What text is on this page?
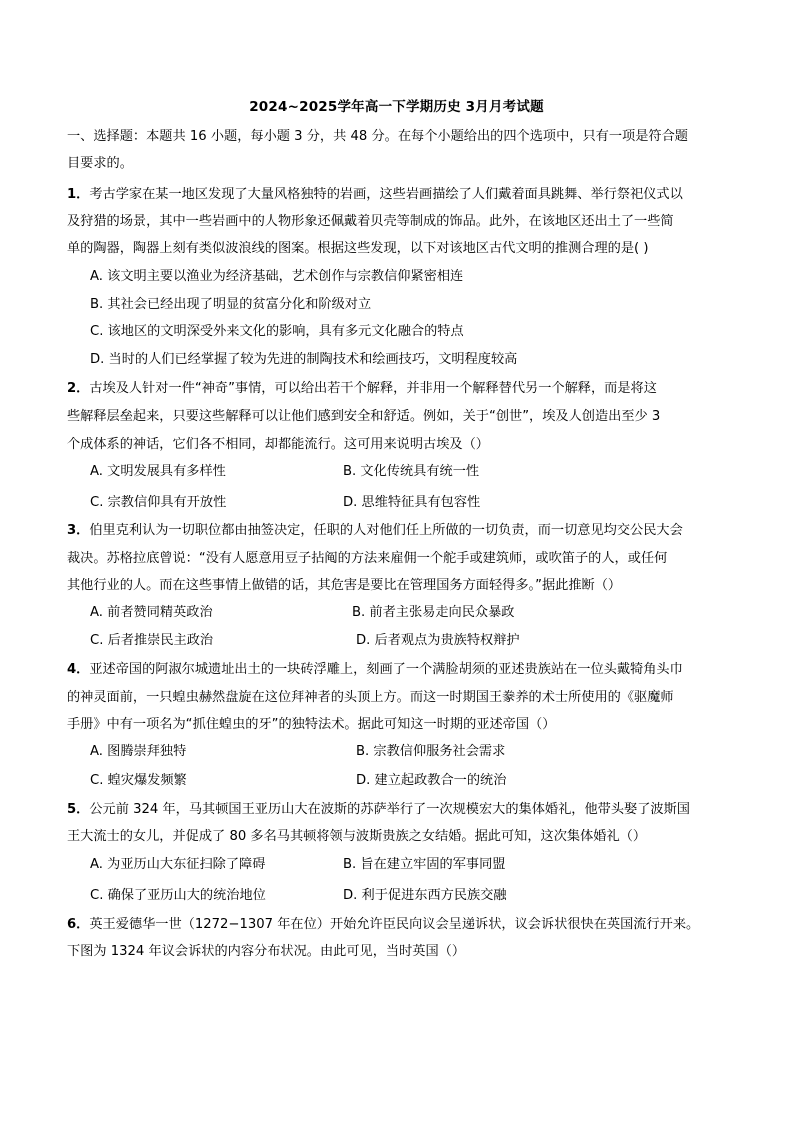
2024~2025学年高一下学期历史 3月月考试题
一、选择题：本题共 16 小题，每小题 3 分，共 48 分。在每个小题给出的四个选项中，只有一项是符合题
目要求的。
1．考古学家在某一地区发现了大量风格独特的岩画，这些岩画描绘了人们戴着面具跳舞、举行祭祀仪式以
及狩猎的场景，其中一些岩画中的人物形象还佩戴着贝壳等制成的饰品。此外，在该地区还出土了一些简
单的陶器，陶器上刻有类似波浪线的图案。根据这些发现，以下对该地区古代文明的推测合理的是( )
A. 该文明主要以渔业为经济基础，艺术创作与宗教信仰紧密相连
B. 其社会已经出现了明显的贫富分化和阶级对立
C. 该地区的文明深受外来文化的影响，具有多元文化融合的特点
D. 当时的人们已经掌握了较为先进的制陶技术和绘画技巧，文明程度较高
2．古埃及人针对一件“神奇”事情，可以给出若干个解释，并非用一个解释替代另一个解释，而是将这
些解释层垒起来，只要这些解释可以让他们感到安全和舒适。例如，关于“创世”，埃及人创造出至少 3
个成体系的神话，它们各不相同，却都能流行。这可用来说明古埃及（）
A. 文明发展具有多样性	B. 文化传统具有统一性
C. 宗教信仰具有开放性	D. 思维特征具有包容性
3．伯里克利认为一切职位都由抽签决定，任职的人对他们任上所做的一切负责，而一切意见均交公民大会
裁决。苏格拉底曾说：“没有人愿意用豆子拈阄的方法来雇佣一个舵手或建筑师，或吹笛子的人，或任何
其他行业的人。而在这些事情上做错的话，其危害是要比在管理国务方面轻得多。”据此推断（）
A. 前者赞同精英政治	B. 前者主张易走向民众暴政
C. 后者推崇民主政治	D. 后者观点为贵族特权辩护
4．亚述帝国的阿淑尔城遗址出土的一块砖浮雕上，刻画了一个满脸胡须的亚述贵族站在一位头戴犄角头巾
的神灵面前，一只蝗虫赫然盘旋在这位拜神者的头顶上方。而这一时期国王豢养的术士所使用的《驱魔师
手册》中有一项名为“抓住蝗虫的牙”的独特法术。据此可知这一时期的亚述帝国（）
A. 图腾崇拜独特	B. 宗教信仰服务社会需求
C. 蝗灾爆发频繁	D. 建立起政教合一的统治
5．公元前 324 年，马其顿国王亚历山大在波斯的苏萨举行了一次规模宏大的集体婚礼，他带头娶了波斯国
王大流士的女儿，并促成了 80 多名马其顿将领与波斯贵族之女结婚。据此可知，这次集体婚礼（）
A. 为亚历山大东征扫除了障碍	B. 旨在建立牢固的军事同盟
C. 确保了亚历山大的统治地位	D. 利于促进东西方民族交融
6．英王爱德华一世（1272−1307 年在位）开始允许臣民向议会呈递诉状，议会诉状很快在英国流行开来。
下图为 1324 年议会诉状的内容分布状况。由此可见，当时英国（）
